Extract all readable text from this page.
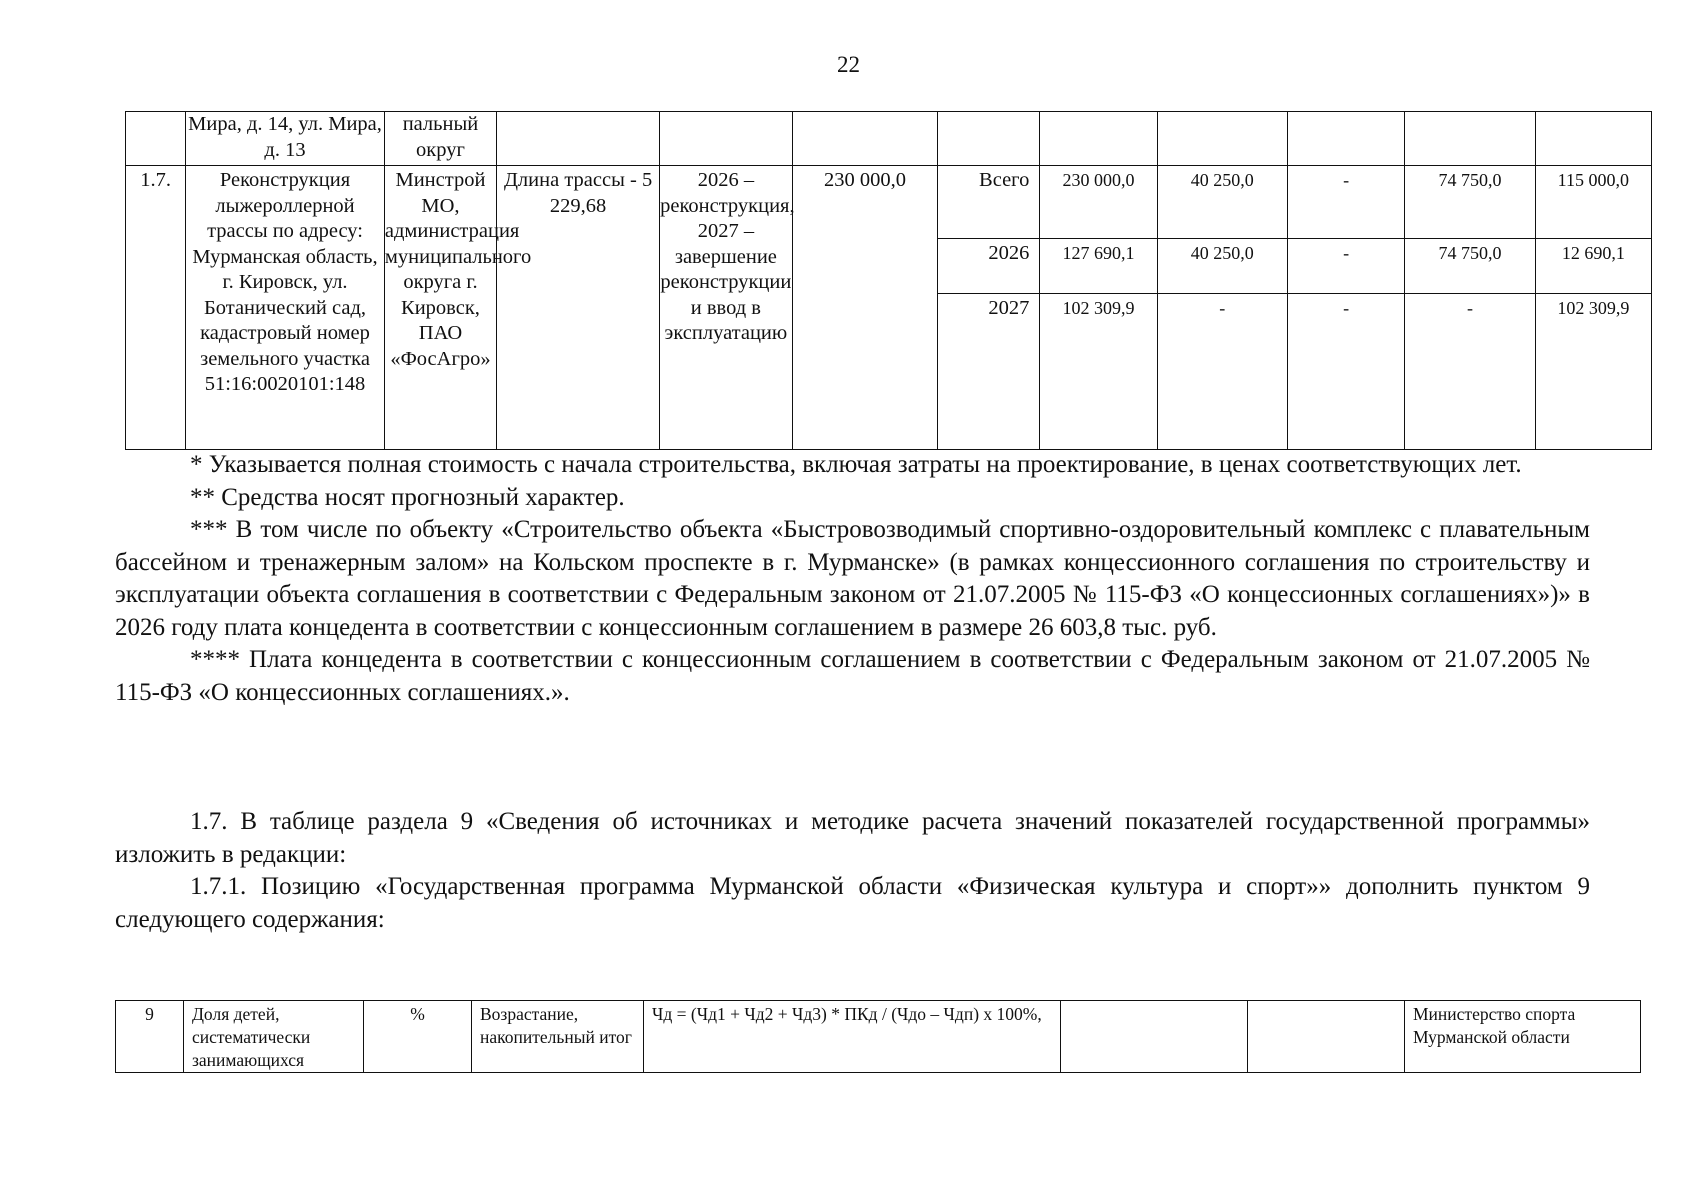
22
	Мира, д. 14, ул. Мира, д. 13	пальный округ									
1.7.	Реконструкция лыжероллерной трассы по адресу: Мурманская область, г. Кировск, ул. Ботанический сад, кадастровый номер земельного участка 51:16:0020101:148	Минстрой МО, администрация муниципального округа г. Кировск, ПАО «ФосАгро»	Длина трассы - 5 229,68	2026 – реконструкция, 2027 – завершение реконструкции и ввод в эксплуатацию	230 000,0	Всего	230 000,0	40 250,0	-	74 750,0	115 000,0
						2026	127 690,1	40 250,0	-	74 750,0	12 690,1
						2027	102 309,9	-	-	-	102 309,9

* Указывается полная стоимость с начала строительства, включая затраты на проектирование, в ценах соответствующих лет.

** Средства носят прогнозный характер.

*** В том числе по объекту «Строительство объекта «Быстровозводимый спортивно-оздоровительный комплекс с плавательным бассейном и тренажерным залом» на Кольском проспекте в г. Мурманске» (в рамках концессионного соглашения по строительству и эксплуатации объекта соглашения в соответствии с Федеральным законом от 21.07.2005 № 115-ФЗ «О концессионных соглашениях»)» в 2026 году плата концедента в соответствии с концессионным соглашением в размере 26 603,8 тыс. руб.

**** Плата концедента в соответствии с концессионным соглашением в соответствии с Федеральным законом от 21.07.2005 № 115-ФЗ «О концессионных соглашениях.».

1.7. В таблице раздела 9 «Сведения об источниках и методике расчета значений показателей государственной программы» изложить в редакции:

1.7.1. Позицию «Государственная программа Мурманской области «Физическая культура и спорт»» дополнить пунктом 9 следующего содержания:

9	Доля детей, систематически занимающихся	%	Возрастание, накопительный итог	Чд = (Чд1 + Чд2 + Чд3) * ПКд / (Чдо – Чдп) х 100%,			Министерство спорта Мурманской области
